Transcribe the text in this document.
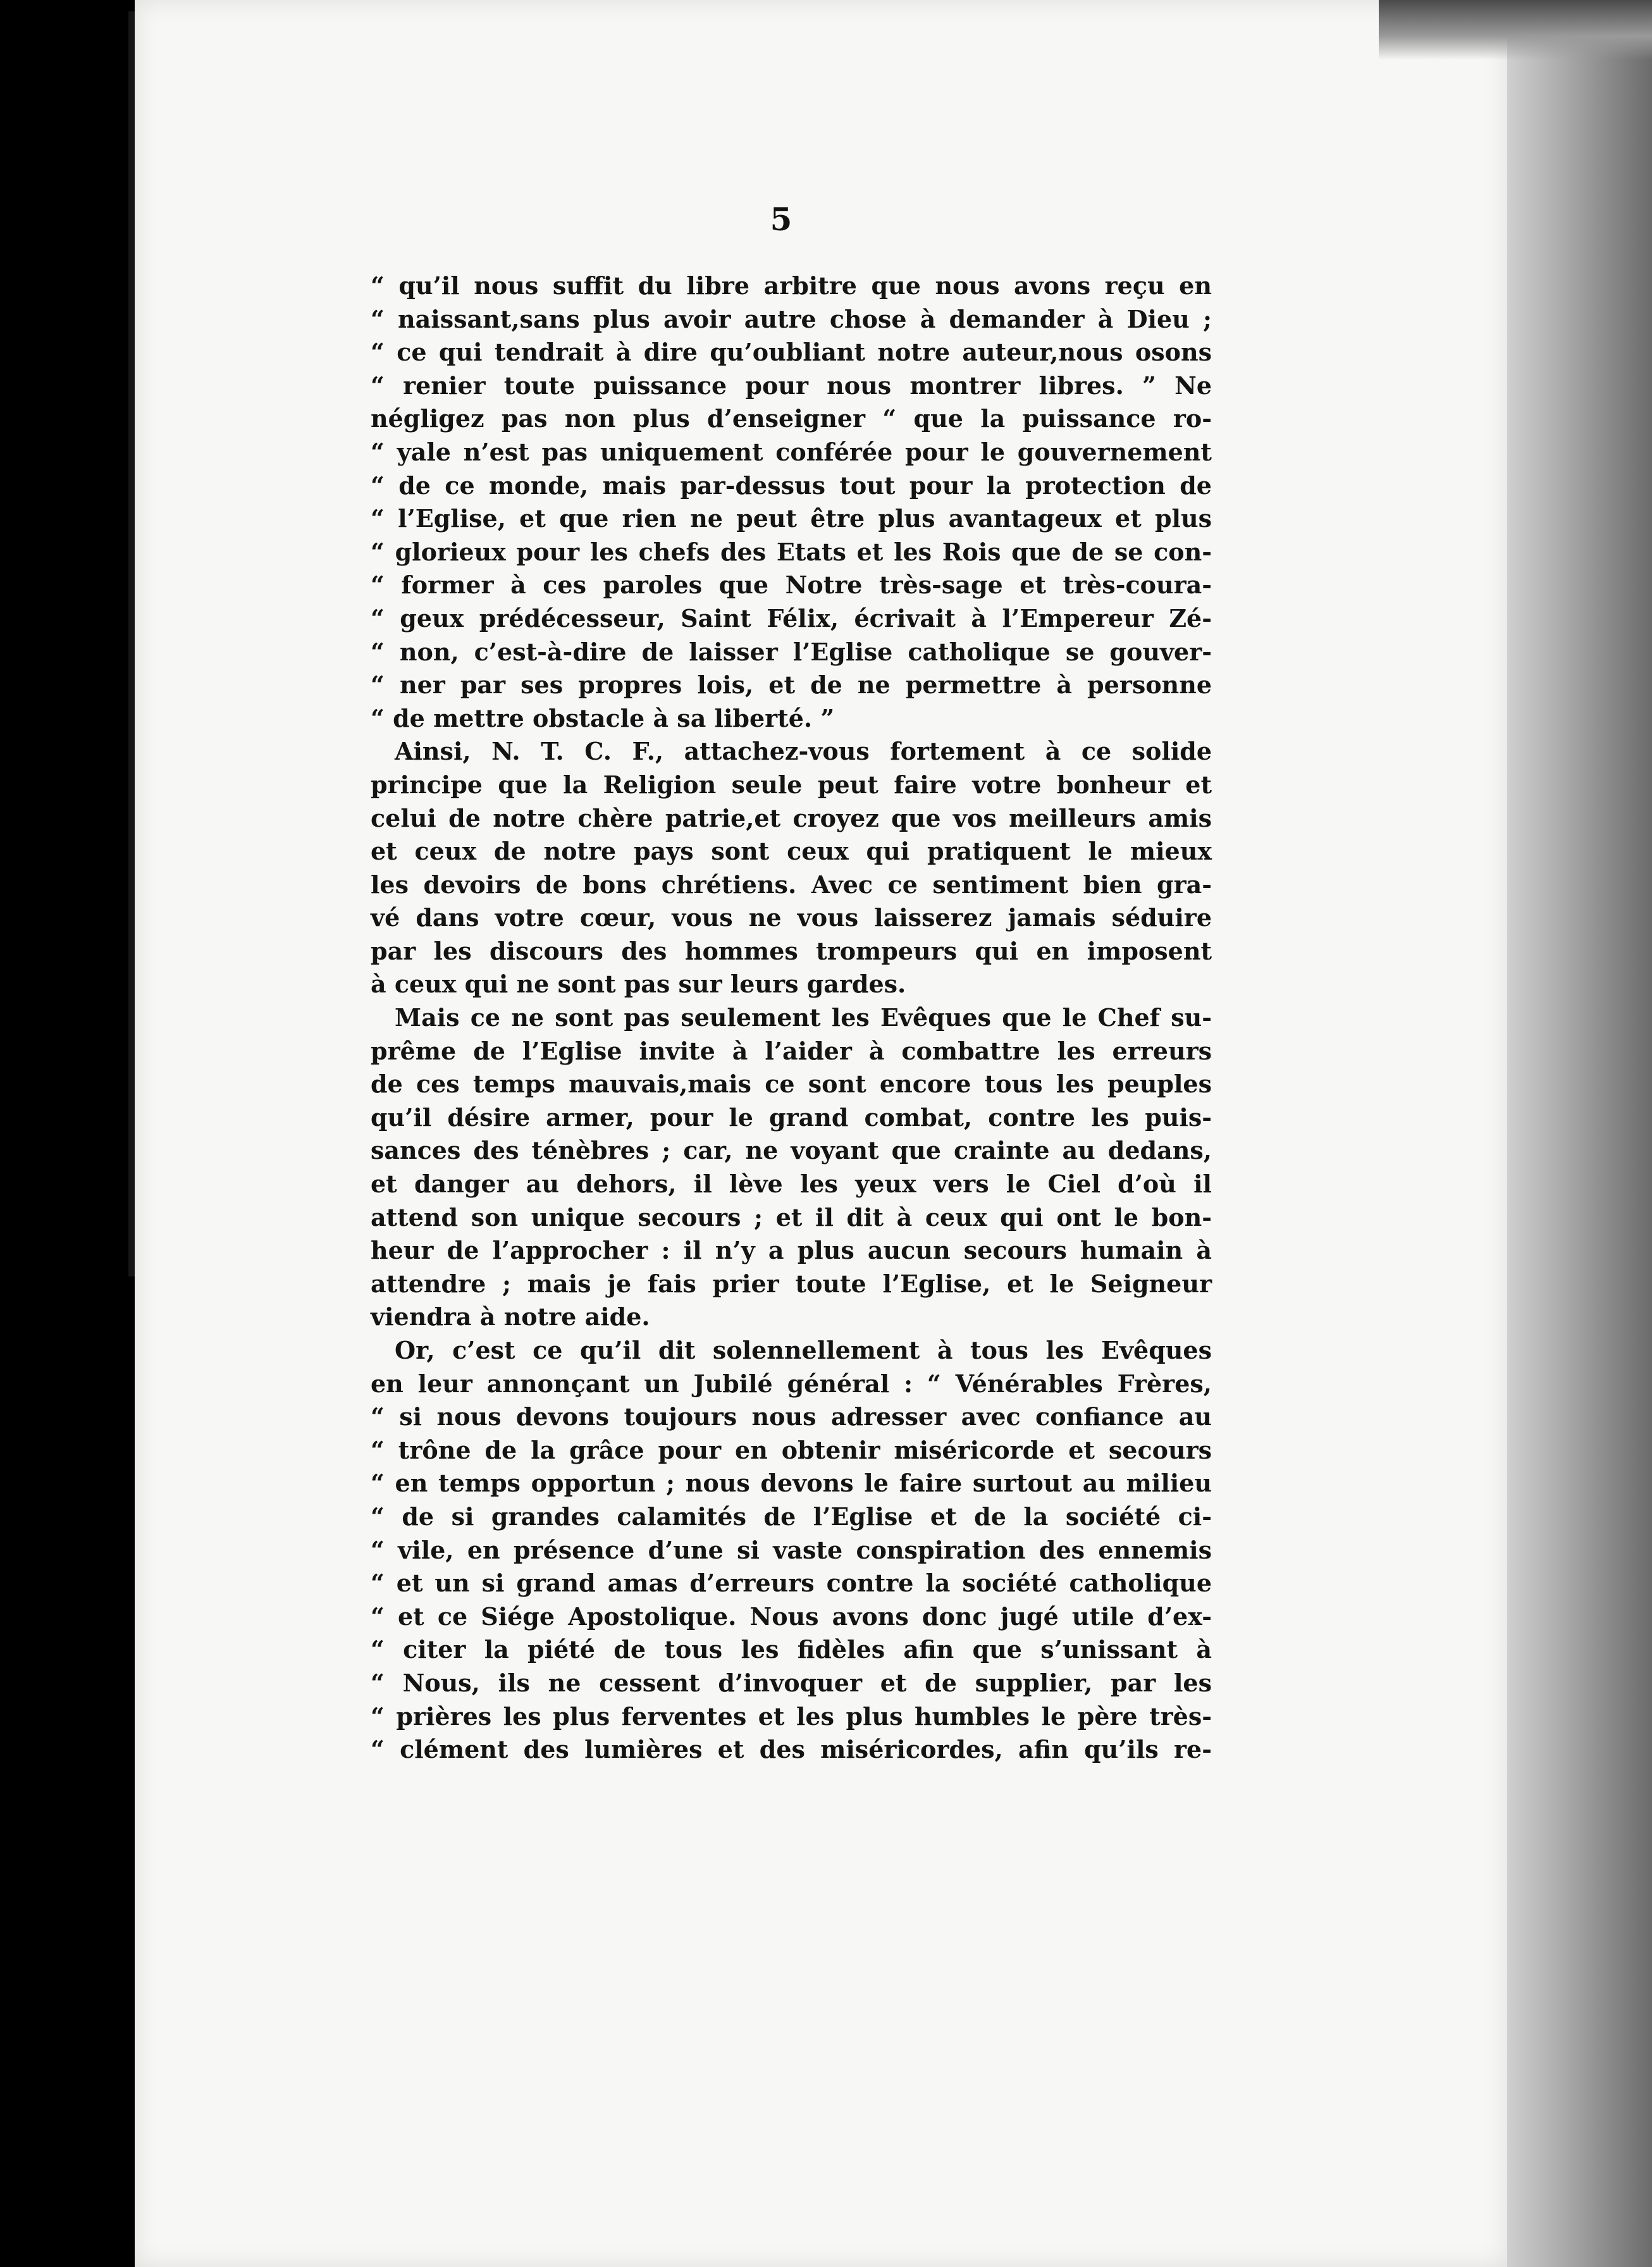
5
“ qu’il nous suffit du libre arbitre que nous avons reçu en
“ naissant,sans plus avoir autre chose à demander à Dieu ;
“ ce qui tendrait à dire qu’oubliant notre auteur,nous osons
“ renier toute puissance pour nous montrer libres. ” Ne
négligez pas non plus d’enseigner “ que la puissance ro-
“ yale n’est pas uniquement conférée pour le gouvernement
“ de ce monde, mais par-dessus tout pour la protection de
“ l’Eglise, et que rien ne peut être plus avantageux et plus
“ glorieux pour les chefs des Etats et les Rois que de se con-
“ former à ces paroles que Notre très-sage et très-coura-
“ geux prédécesseur, Saint Félix, écrivait à l’Empereur Zé-
“ non, c’est-à-dire de laisser l’Eglise catholique se gouver-
“ ner par ses propres lois, et de ne permettre à personne
“ de mettre obstacle à sa liberté. ”
Ainsi, N. T. C. F., attachez-vous fortement à ce solide
principe que la Religion seule peut faire votre bonheur et
celui de notre chère patrie,et croyez que vos meilleurs amis
et ceux de notre pays sont ceux qui pratiquent le mieux
les devoirs de bons chrétiens. Avec ce sentiment bien gra-
vé dans votre cœur, vous ne vous laisserez jamais séduire
par les discours des hommes trompeurs qui en imposent
à ceux qui ne sont pas sur leurs gardes.
Mais ce ne sont pas seulement les Evêques que le Chef su-
prême de l’Eglise invite à l’aider à combattre les erreurs
de ces temps mauvais,mais ce sont encore tous les peuples
qu’il désire armer, pour le grand combat, contre les puis-
sances des ténèbres ; car, ne voyant que crainte au dedans,
et danger au dehors, il lève les yeux vers le Ciel d’où il
attend son unique secours ; et il dit à ceux qui ont le bon-
heur de l’approcher : il n’y a plus aucun secours humain à
attendre ; mais je fais prier toute l’Eglise, et le Seigneur
viendra à notre aide.
Or, c’est ce qu’il dit solennellement à tous les Evêques
en leur annonçant un Jubilé général : “ Vénérables Frères,
“ si nous devons toujours nous adresser avec confiance au
“ trône de la grâce pour en obtenir miséricorde et secours
“ en temps opportun ; nous devons le faire surtout au milieu
“ de si grandes calamités de l’Eglise et de la société ci-
“ vile, en présence d’une si vaste conspiration des ennemis
“ et un si grand amas d’erreurs contre la société catholique
“ et ce Siége Apostolique. Nous avons donc jugé utile d’ex-
“ citer la piété de tous les fidèles afin que s’unissant à
“ Nous, ils ne cessent d’invoquer et de supplier, par les
“ prières les plus ferventes et les plus humbles le père très-
“ clément des lumières et des miséricordes, afin qu’ils re-
